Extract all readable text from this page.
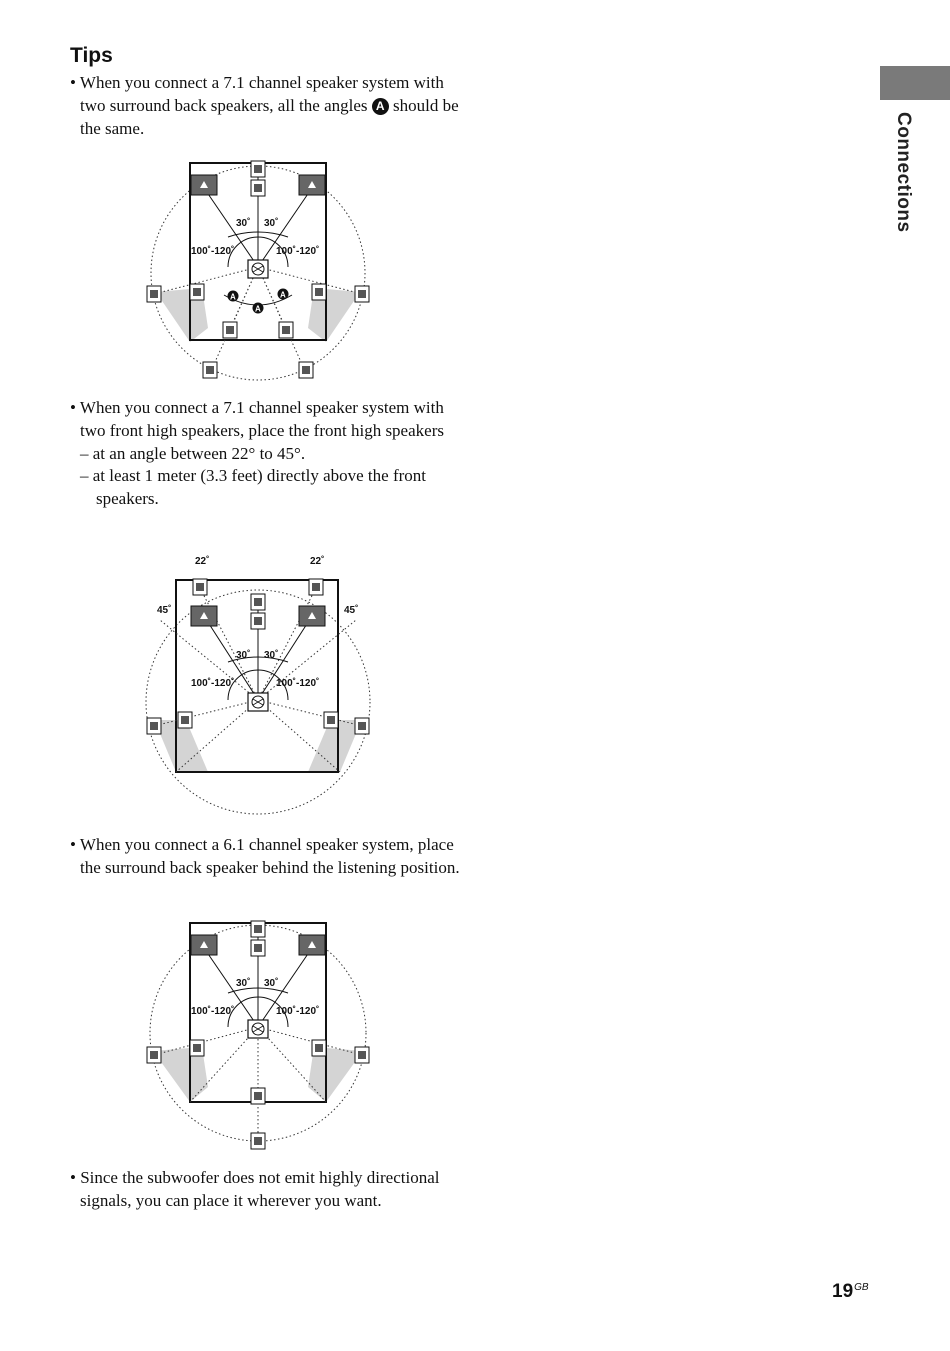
Tips

• When you connect a 7.1 channel speaker system with two surround back speakers, all the angles A should be the same.

30˚ 30˚
100˚-120˚	100˚-120˚
A	A
A

• When you connect a 7.1 channel speaker system with two front high speakers, place the front high speakers

– at an angle between 22° to 45°.

– at least 1 meter (3.3 feet) directly above the front speakers.

22˚	22˚
45˚	45˚
30˚ 30˚
100˚-120˚	100˚-120˚

• When you connect a 6.1 channel speaker system, place the surround back speaker behind the listening position.

30˚ 30˚
100˚-120˚	100˚-120˚

• Since the subwoofer does not emit highly directional signals, you can place it wherever you want.

Connections
$19^{GB}$
